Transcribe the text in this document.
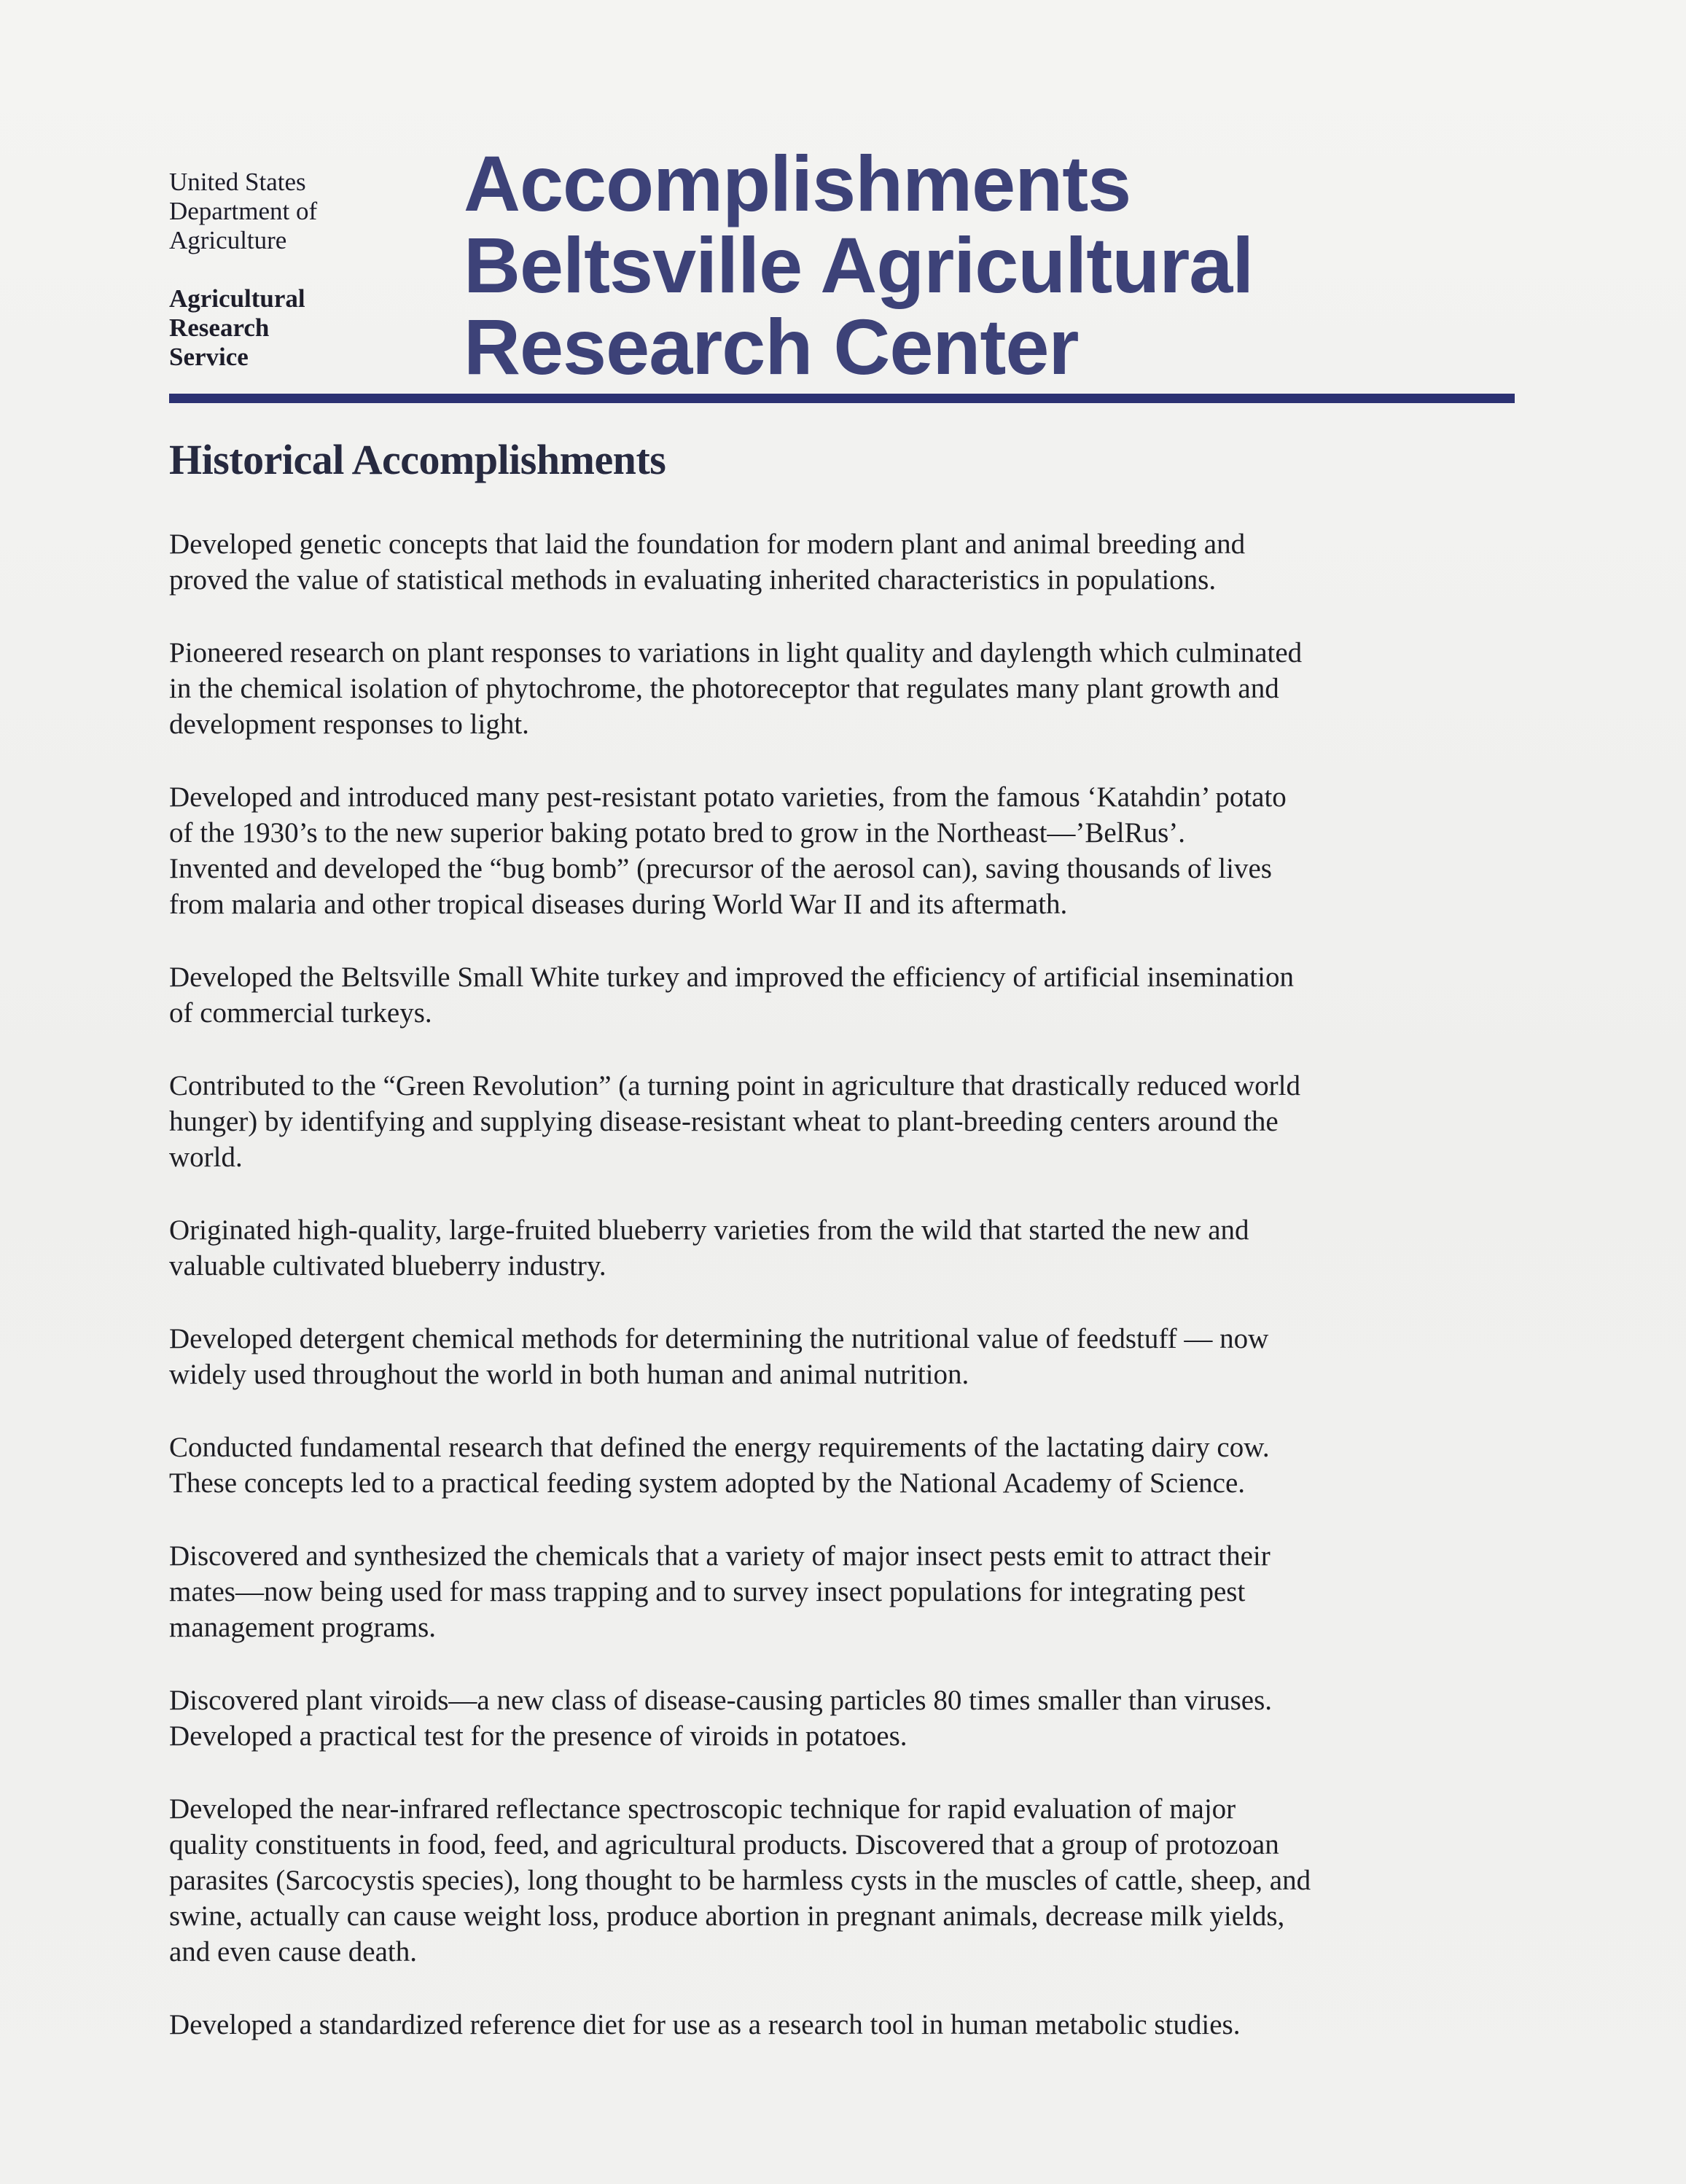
United States
Department of
Agriculture
Agricultural
Research
Service
Accomplishments
Beltsville Agricultural
Research Center
Historical Accomplishments

Developed genetic concepts that laid the foundation for modern plant and animal breeding and
proved the value of statistical methods in evaluating inherited characteristics in populations.

Pioneered research on plant responses to variations in light quality and daylength which culminated
in the chemical isolation of phytochrome, the photoreceptor that regulates many plant growth and
development responses to light.

Developed and introduced many pest-resistant potato varieties, from the famous ‘Katahdin’ potato
of the 1930’s to the new superior baking potato bred to grow in the Northeast—’BelRus’.
Invented and developed the “bug bomb” (precursor of the aerosol can), saving thousands of lives
from malaria and other tropical diseases during World War II and its aftermath.

Developed the Beltsville Small White turkey and improved the efficiency of artificial insemination
of commercial turkeys.

Contributed to the “Green Revolution” (a turning point in agriculture that drastically reduced world
hunger) by identifying and supplying disease-resistant wheat to plant-breeding centers around the
world.

Originated high-quality, large-fruited blueberry varieties from the wild that started the new and
valuable cultivated blueberry industry.

Developed detergent chemical methods for determining the nutritional value of feedstuff — now
widely used throughout the world in both human and animal nutrition.

Conducted fundamental research that defined the energy requirements of the lactating dairy cow.
These concepts led to a practical feeding system adopted by the National Academy of Science.

Discovered and synthesized the chemicals that a variety of major insect pests emit to attract their
mates—now being used for mass trapping and to survey insect populations for integrating pest
management programs.

Discovered plant viroids—a new class of disease-causing particles 80 times smaller than viruses.
Developed a practical test for the presence of viroids in potatoes.

Developed the near-infrared reflectance spectroscopic technique for rapid evaluation of major
quality constituents in food, feed, and agricultural products. Discovered that a group of protozoan
parasites (Sarcocystis species), long thought to be harmless cysts in the muscles of cattle, sheep, and
swine, actually can cause weight loss, produce abortion in pregnant animals, decrease milk yields,
and even cause death.

Developed a standardized reference diet for use as a research tool in human metabolic studies.
